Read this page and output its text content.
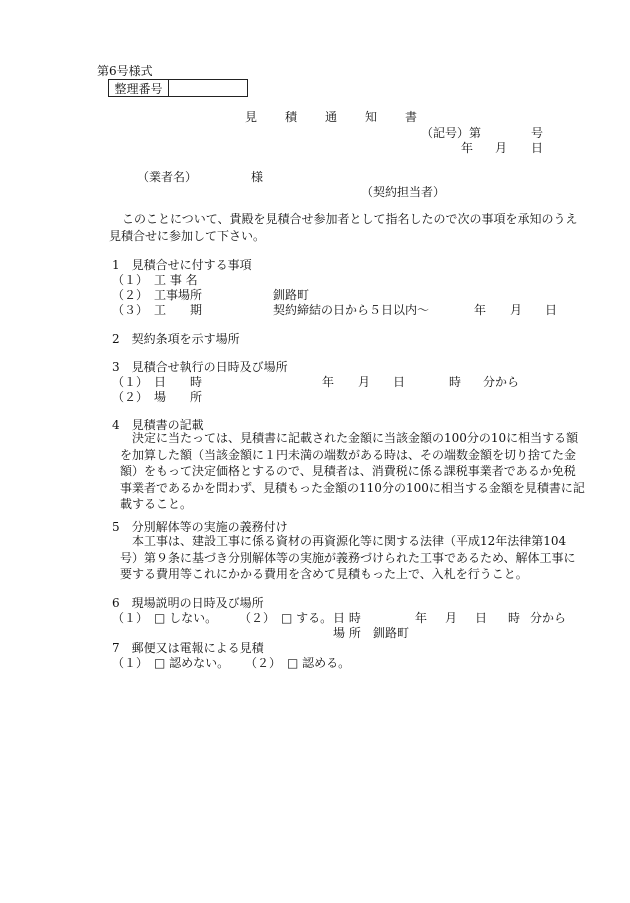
第6号様式
整理番号
見 積 通 知 書
（記号）第	号
年 月 日
（業者名）	様
（契約担当者）
このことについて、貴殿を見積合せ参加者として指名したので次の事項を承知のうえ
見積合せに参加して下さい。
1　見積合せに付する事項
（１）　工 事 名
（２）　工事場所	釧路町
（３）　工　　期	契約締結の日から５日以内～	年 月 日
2　契約条項を示す場所
3　見積合せ執行の日時及び場所
（１）　日　　時	年 月 日	時 分から
（２）　場　　所
4　見積書の記載
　決定に当たっては、見積書に記載された金額に当該金額の100分の10に相当する額
を加算した額（当該金額に１円未満の端数がある時は、その端数金額を切り捨てた金
額）をもって決定価格とするので、見積者は、消費税に係る課税事業者であるか免税
事業者であるかを問わず、見積もった金額の110分の100に相当する金額を見積書に記
載すること。
5　分別解体等の実施の義務付け
　本工事は、建設工事に係る資材の再資源化等に関する法律（平成12年法律第104
号）第９条に基づき分別解体等の実施が義務づけられた工事であるため、解体工事に
要する費用等これにかかる費用を含めて見積もった上で、入札を行うこと。
6　現場説明の日時及び場所
（１）　□ しない。 （２）　□ する。 日 時	年 月 日 時 分から
場 所 釧路町
7　郵便又は電報による見積
（１）　□ 認めない。 （２）　□ 認める。
